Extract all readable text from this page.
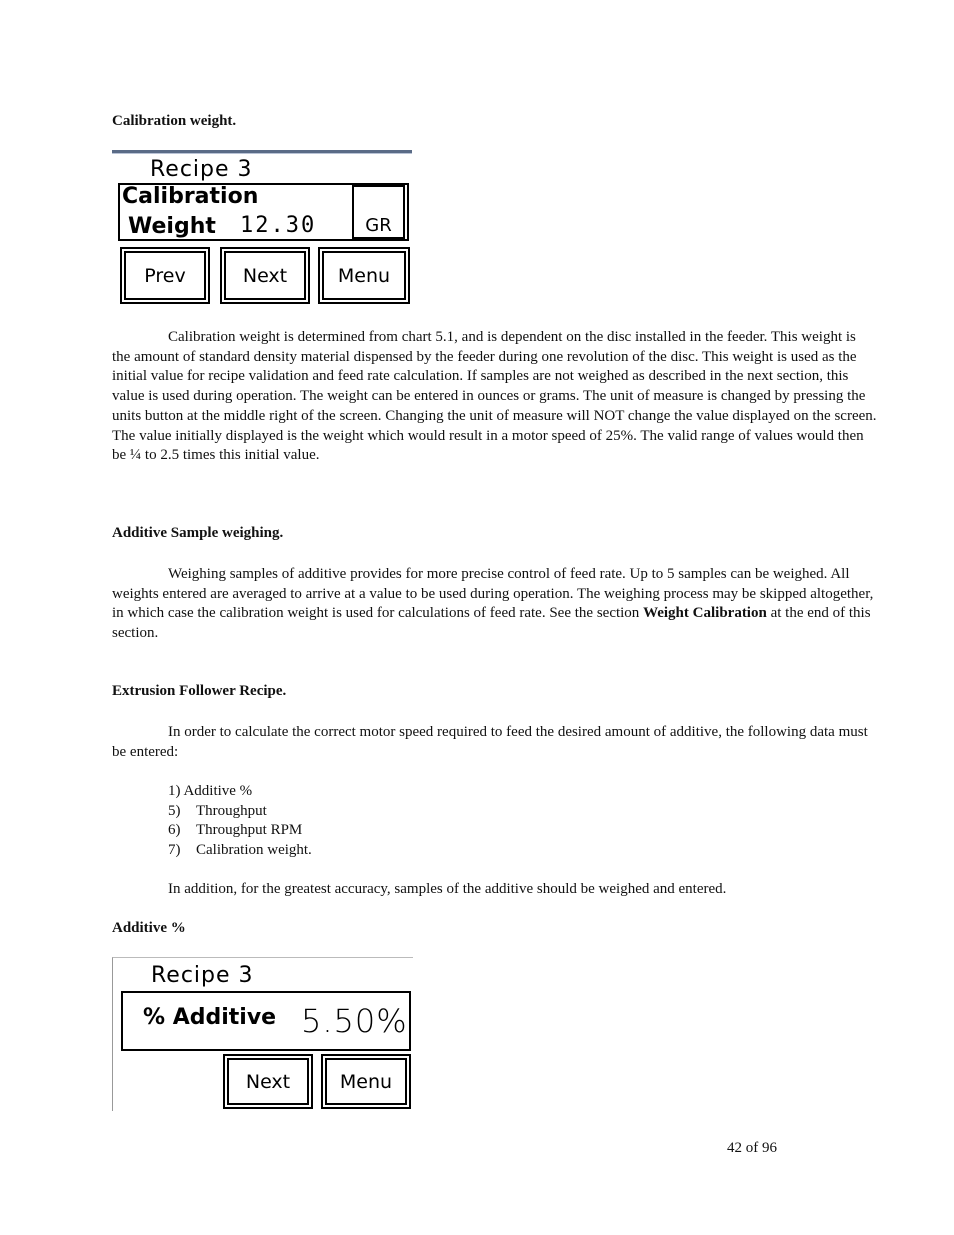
Calibration weight.
Recipe 3
Calibration
Weight 12.30	GR
Prev	Next	Menu
Calibration weight is determined from chart 5.1, and is dependent on the disc installed in the feeder. This weight is the amount of standard density material dispensed by the feeder during one revolution of the disc. This weight is used as the initial value for recipe validation and feed rate calculation. If samples are not weighed as described in the next section, this value is used during operation. The weight can be entered in ounces or grams. The unit of measure is changed by pressing the units button at the middle right of the screen. Changing the unit of measure will NOT change the value displayed on the screen. The value initially displayed is the weight which would result in a motor speed of 25%. The valid range of values would then be ¼ to 2.5 times this initial value.
Additive Sample weighing.
Weighing samples of additive provides for more precise control of feed rate. Up to 5 samples can be weighed. All weights entered are averaged to arrive at a value to be used during operation. The weighing process may be skipped altogether, in which case the calibration weight is used for calculations of feed rate. See the section Weight Calibration at the end of this section.
Extrusion Follower Recipe.
In order to calculate the correct motor speed required to feed the desired amount of additive, the following data must be entered:
1) Additive %
5) Throughput
6) Throughput RPM
7) Calibration weight.
In addition, for the greatest accuracy, samples of the additive should be weighed and entered.
Additive %
Recipe 3
% Additive 5.50%
Next	Menu
42 of 96
